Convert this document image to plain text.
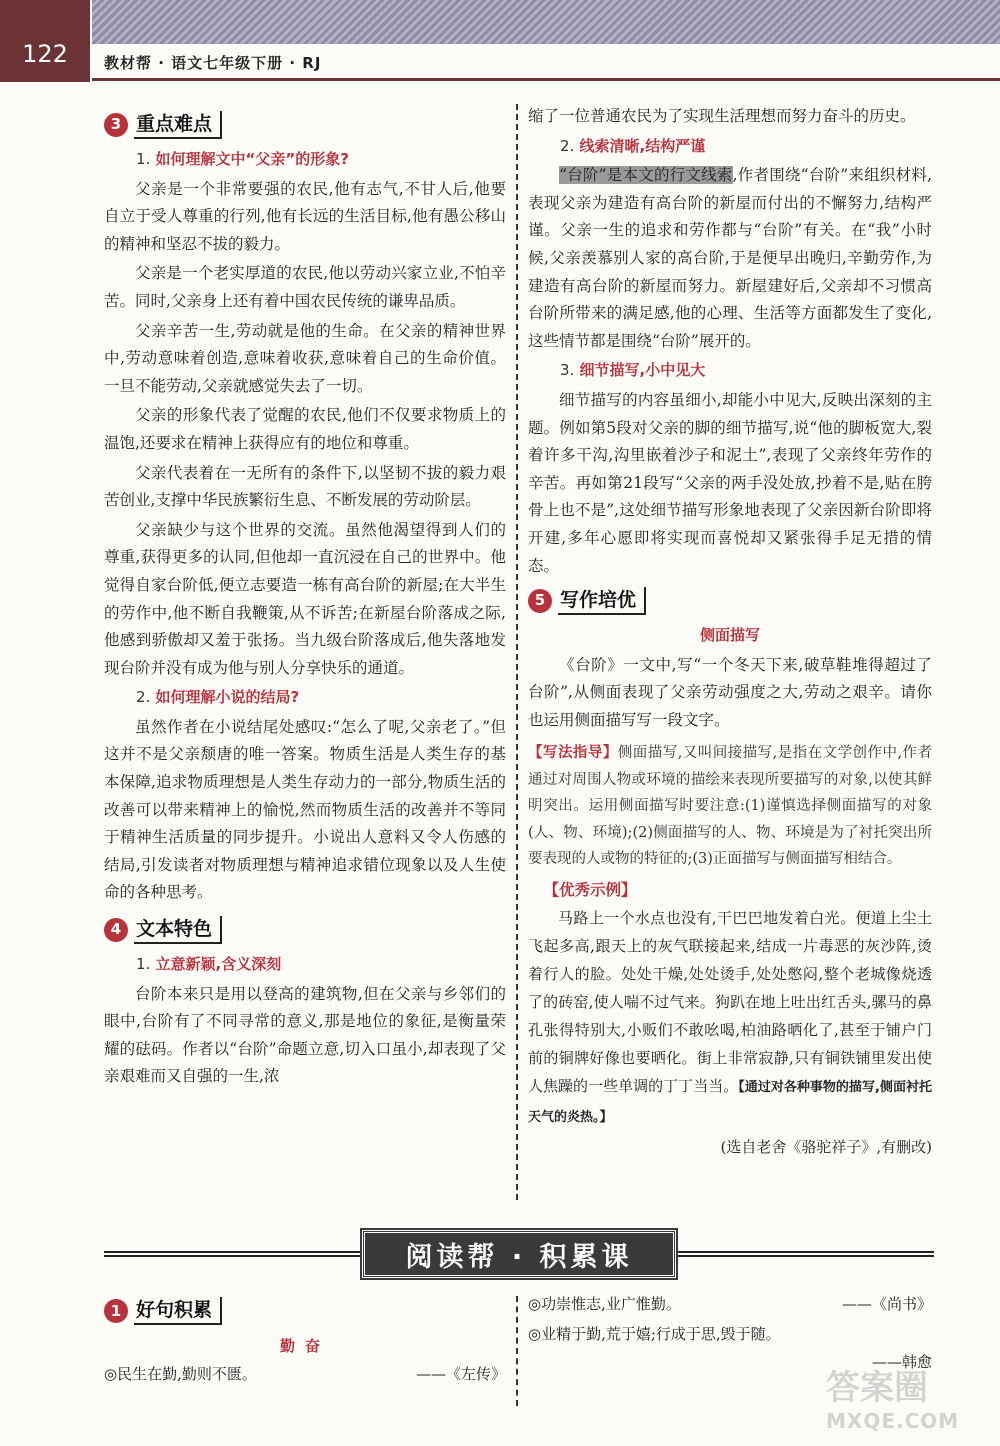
122	教材帮 · 语文七年级下册 · RJ
3 重点难点
1. 如何理解文中“父亲”的形象?

父亲是一个非常要强的农民,他有志气,不甘人后,他要自立于受人尊重的行列,他有长远的生活目标,他有愚公移山的精神和坚忍不拔的毅力。

父亲是一个老实厚道的农民,他以劳动兴家立业,不怕辛苦。同时,父亲身上还有着中国农民传统的谦卑品质。

父亲辛苦一生,劳动就是他的生命。在父亲的精神世界中,劳动意味着创造,意味着收获,意味着自己的生命价值。一旦不能劳动,父亲就感觉失去了一切。

父亲的形象代表了觉醒的农民,他们不仅要求物质上的温饱,还要求在精神上获得应有的地位和尊重。

父亲代表着在一无所有的条件下,以坚韧不拔的毅力艰苦创业,支撑中华民族繁衍生息、不断发展的劳动阶层。

父亲缺少与这个世界的交流。虽然他渴望得到人们的尊重,获得更多的认同,但他却一直沉浸在自己的世界中。他觉得自家台阶低,便立志要造一栋有高台阶的新屋;在大半生的劳作中,他不断自我鞭策,从不诉苦;在新屋台阶落成之际,他感到骄傲却又羞于张扬。当九级台阶落成后,他失落地发现台阶并没有成为他与别人分享快乐的通道。

2. 如何理解小说的结局?

虽然作者在小说结尾处感叹:“怎么了呢,父亲老了。”但这并不是父亲颓唐的唯一答案。物质生活是人类生存的基本保障,追求物质理想是人类生存动力的一部分,物质生活的改善可以带来精神上的愉悦,然而物质生活的改善并不等同于精神生活质量的同步提升。小说出人意料又令人伤感的结局,引发读者对物质理想与精神追求错位现象以及人生使命的各种思考。

4 文本特色
1. 立意新颖,含义深刻

台阶本来只是用以登高的建筑物,但在父亲与乡邻们的眼中,台阶有了不同寻常的意义,那是地位的象征,是衡量荣耀的砝码。作者以“台阶”命题立意,切入口虽小,却表现了父亲艰难而又自强的一生,浓

缩了一位普通农民为了实现生活理想而努力奋斗的历史。

2. 线索清晰,结构严谨

“台阶”是本文的行文线索,作者围绕“台阶”来组织材料,表现父亲为建造有高台阶的新屋而付出的不懈努力,结构严谨。父亲一生的追求和劳作都与“台阶”有关。在“我”小时候,父亲羡慕别人家的高台阶,于是便早出晚归,辛勤劳作,为建造有高台阶的新屋而努力。新屋建好后,父亲却不习惯高台阶所带来的满足感,他的心理、生活等方面都发生了变化,这些情节都是围绕“台阶”展开的。

3. 细节描写,小中见大

细节描写的内容虽细小,却能小中见大,反映出深刻的主题。例如第5段对父亲的脚的细节描写,说“他的脚板宽大,裂着许多干沟,沟里嵌着沙子和泥土”,表现了父亲终年劳作的辛苦。再如第21段写“父亲的两手没处放,抄着不是,贴在胯骨上也不是”,这处细节描写形象地表现了父亲因新台阶即将开建,多年心愿即将实现而喜悦却又紧张得手足无措的情态。

5 写作培优
侧面描写

《台阶》一文中,写“一个冬天下来,破草鞋堆得超过了台阶”,从侧面表现了父亲劳动强度之大,劳动之艰辛。请你也运用侧面描写写一段文字。

【写法指导】侧面描写,又叫间接描写,是指在文学创作中,作者通过对周围人物或环境的描绘来表现所要描写的对象,以使其鲜明突出。运用侧面描写时要注意:(1)谨慎选择侧面描写的对象(人、物、环境);(2)侧面描写的人、物、环境是为了衬托突出所要表现的人或物的特征的;(3)正面描写与侧面描写相结合。

【优秀示例】

马路上一个水点也没有,干巴巴地发着白光。便道上尘土飞起多高,跟天上的灰气联接起来,结成一片毒恶的灰沙阵,烫着行人的脸。处处干燥,处处烫手,处处憋闷,整个老城像烧透了的砖窑,使人喘不过气来。狗趴在地上吐出红舌头,骡马的鼻孔张得特别大,小贩们不敢吆喝,柏油路晒化了,甚至于铺户门前的铜牌好像也要晒化。街上非常寂静,只有铜铁铺里发出使人焦躁的一些单调的丁丁当当。【通过对各种事物的描写,侧面衬托天气的炎热。】

(选自老舍《骆驼祥子》,有删改)

阅读帮 · 积累课
1 好句积累
勤奋
◎民生在勤,勤则不匮。	——《左传》
◎功崇惟志,业广惟勤。	——《尚书》
◎业精于勤,荒于嬉;行成于思,毁于随。
——韩愈
答案圈
MXQE.COM
